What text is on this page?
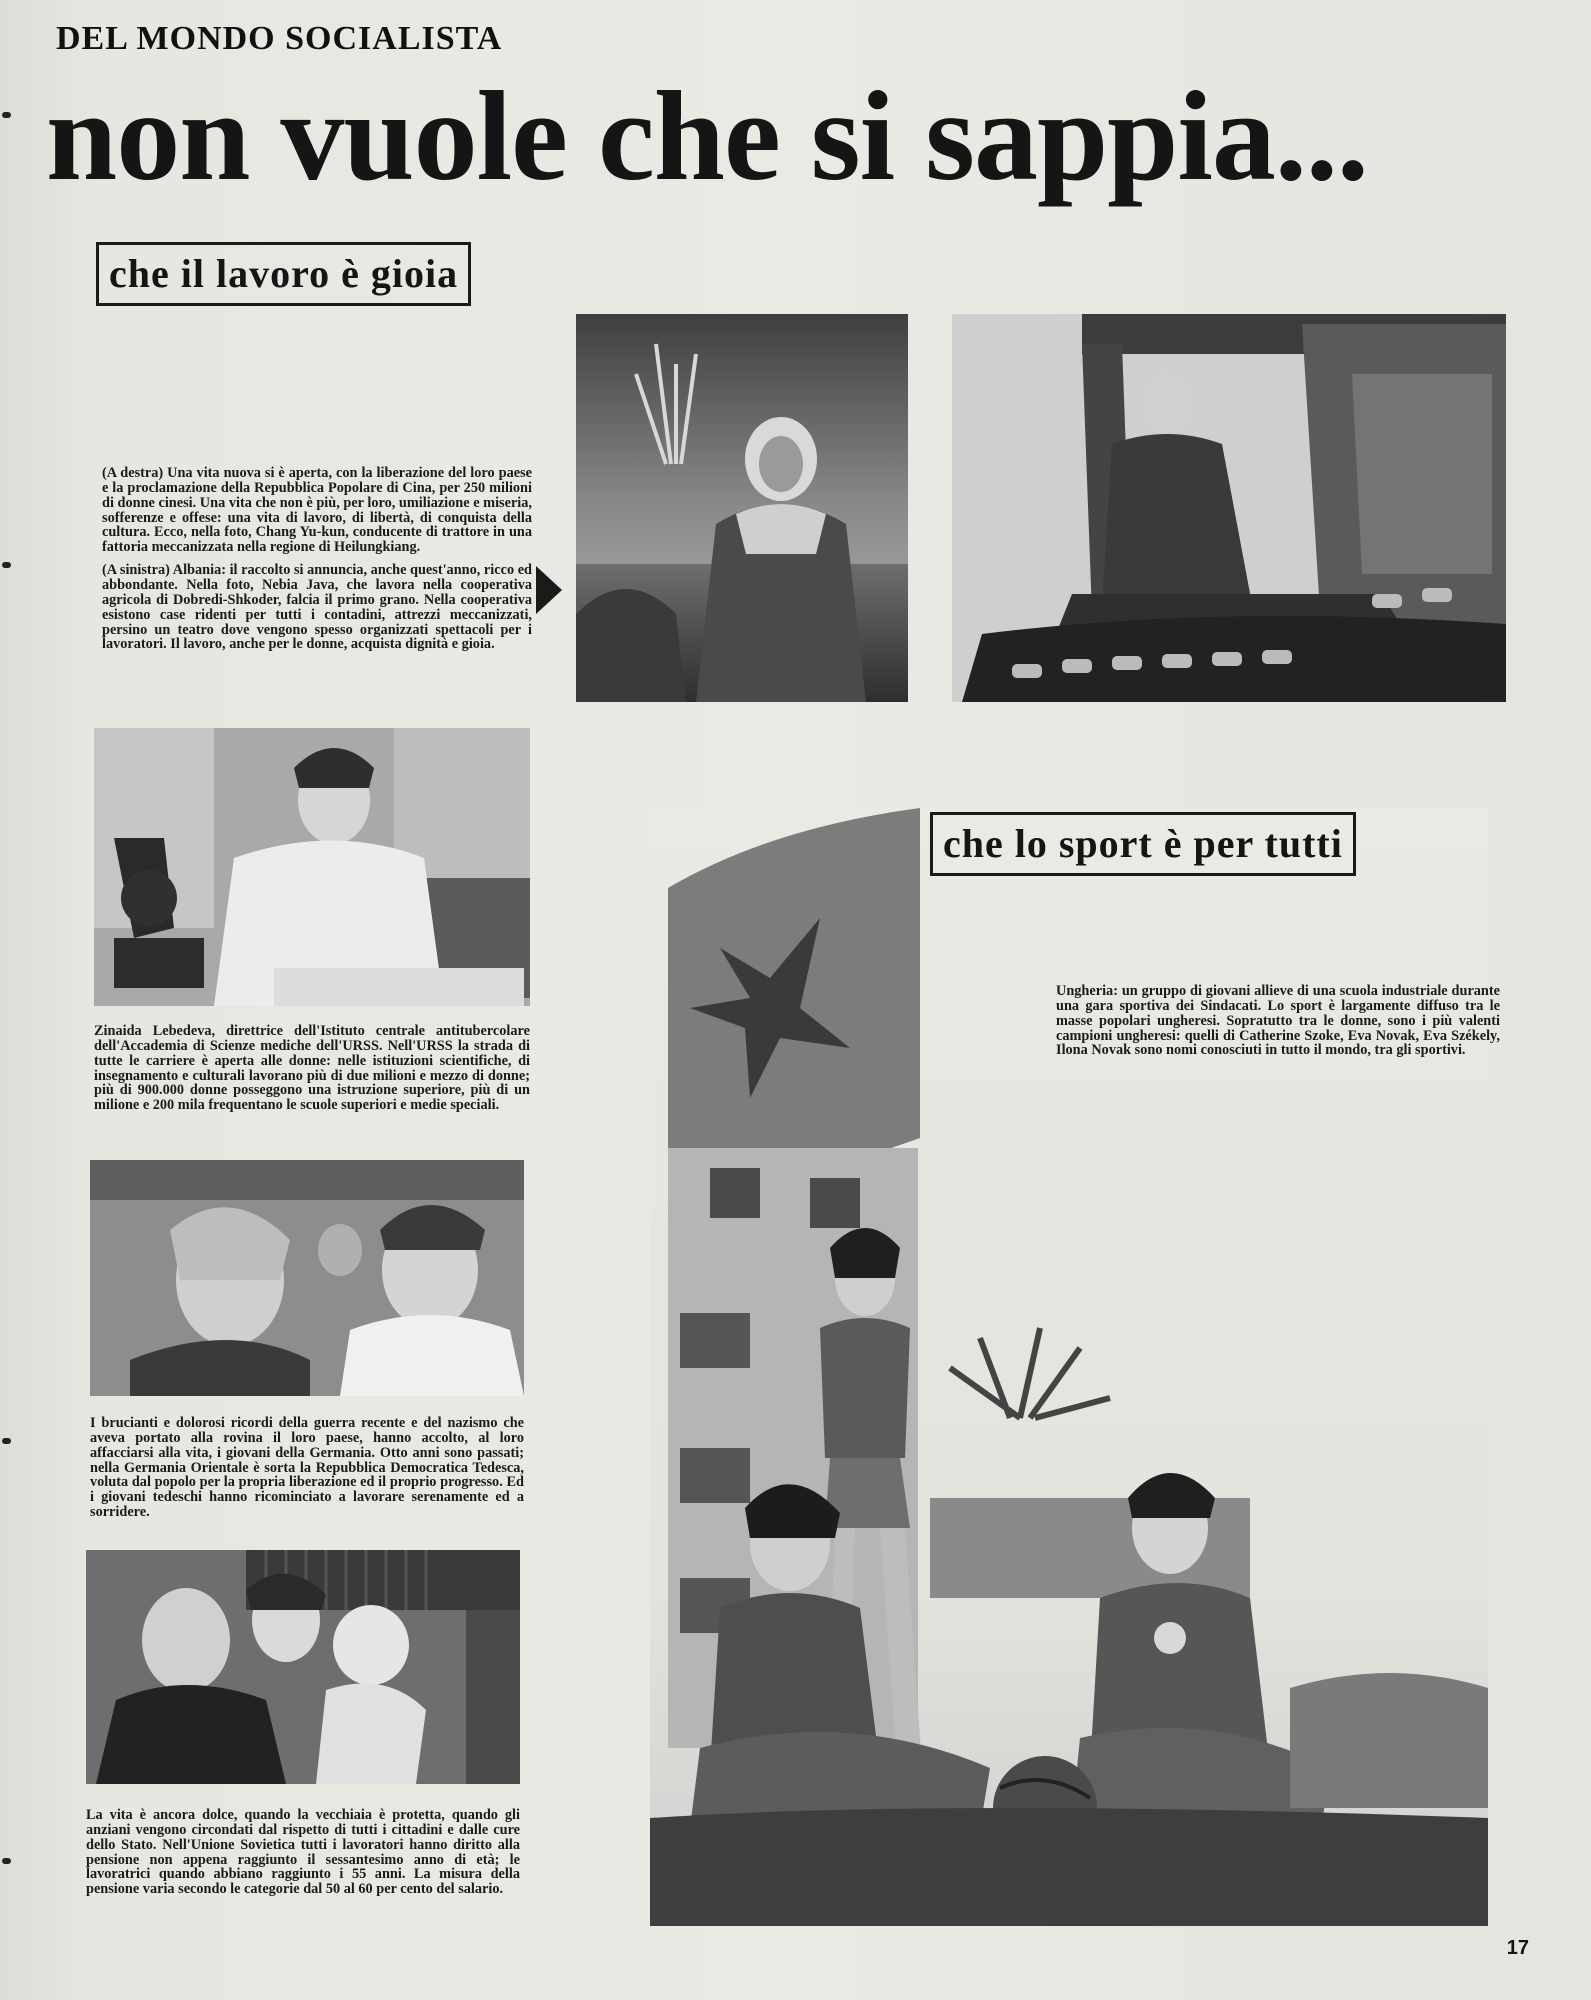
DEL MONDO SOCIALISTA
non vuole che si sappia...
che il lavoro è gioia

(A destra) Una vita nuova si è aperta, con la liberazione del loro paese e la proclamazione della Repubblica Popolare di Cina, per 250 milioni di donne cinesi. Una vita che non è più, per loro, umiliazione e miseria, sofferenze e offese: una vita di lavoro, di libertà, di conquista della cultura. Ecco, nella foto, Chang Yu-kun, conducente di trattore in una fattoria meccanizzata nella regione di Heilungkiang.

(A sinistra) Albania: il raccolto si annuncia, anche quest'anno, ricco ed abbondante. Nella foto, Nebia Java, che lavora nella cooperativa agricola di Dobredi-Shkoder, falcia il primo grano. Nella cooperativa esistono case ridenti per tutti i contadini, attrezzi meccanizzati, persino un teatro dove vengono spesso organizzati spettacoli per i lavoratori. Il lavoro, anche per le donne, acquista dignità e gioia.

Zinaida Lebedeva, direttrice dell'Istituto centrale antitubercolare dell'Accademia di Scienze mediche dell'URSS. Nell'URSS la strada di tutte le carriere è aperta alle donne: nelle istituzioni scientifiche, di insegnamento e culturali lavorano più di due milioni e mezzo di donne; più di 900.000 donne posseggono una istruzione superiore, più di un milione e 200 mila frequentano le scuole superiori e medie speciali.
I brucianti e dolorosi ricordi della guerra recente e del nazismo che aveva portato alla rovina il loro paese, hanno accolto, al loro affacciarsi alla vita, i giovani della Germania. Otto anni sono passati; nella Germania Orientale è sorta la Repubblica Democratica Tedesca, voluta dal popolo per la propria liberazione ed il proprio progresso. Ed i giovani tedeschi hanno ricominciato a lavorare serenamente ed a sorridere.
La vita è ancora dolce, quando la vecchiaia è protetta, quando gli anziani vengono circondati dal rispetto di tutti i cittadini e dalle cure dello Stato. Nell'Unione Sovietica tutti i lavoratori hanno diritto alla pensione non appena raggiunto il sessantesimo anno di età; le lavoratrici quando abbiano raggiunto i 55 anni. La misura della pensione varia secondo le categorie dal 50 al 60 per cento del salario.
che lo sport è per tutti
Ungheria: un gruppo di giovani allieve di una scuola industriale durante una gara sportiva dei Sindacati. Lo sport è largamente diffuso tra le masse popolari ungheresi. Sopratutto tra le donne, sono i più valenti campioni ungheresi: quelli di Catherine Szoke, Eva Novak, Eva Székely, Ilona Novak sono nomi conosciuti in tutto il mondo, tra gli sportivi.
17
